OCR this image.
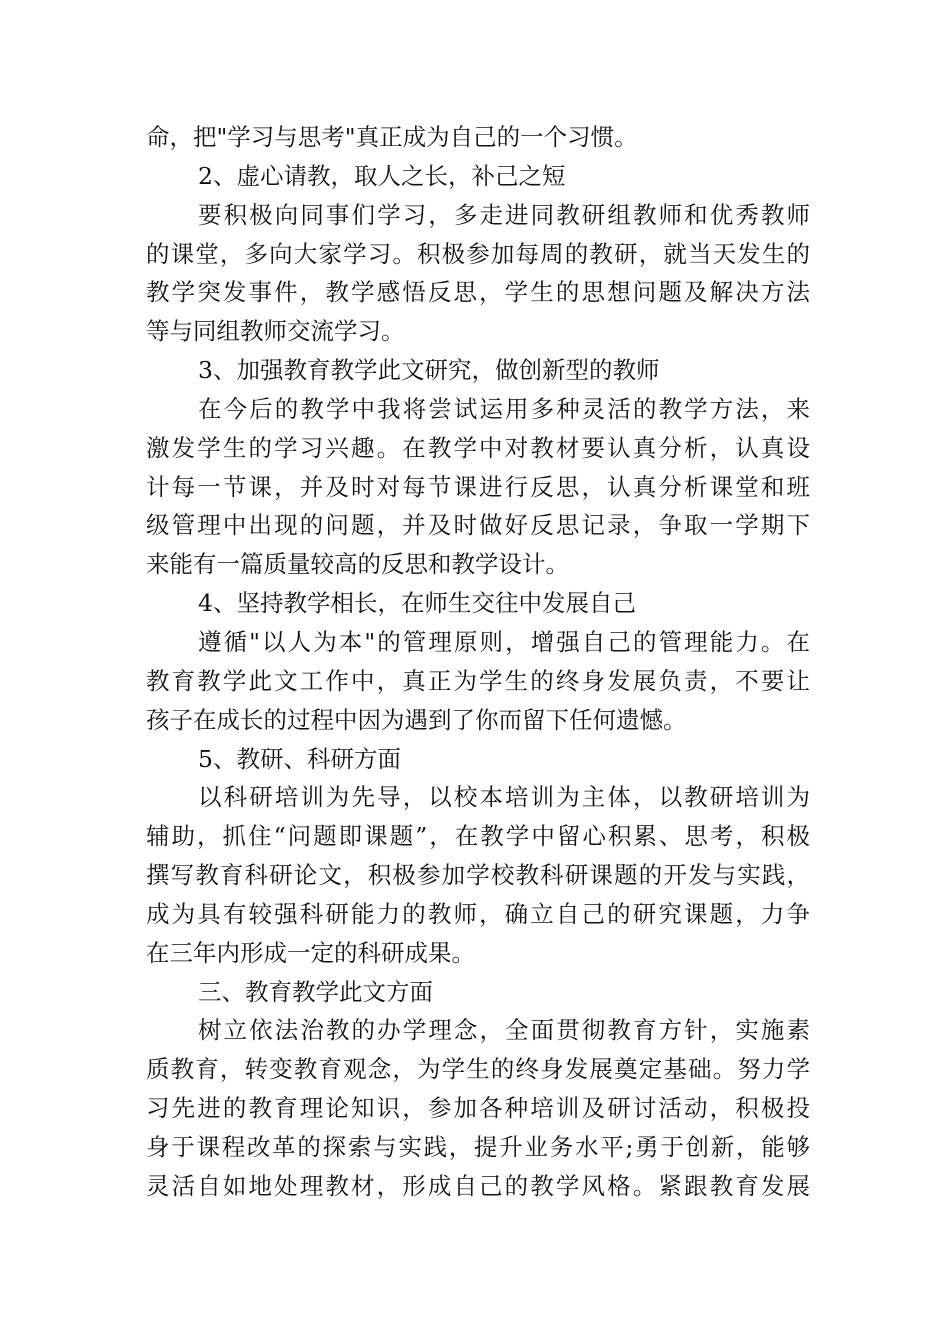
命，把"学习与思考"真正成为自己的一个习惯。
2、虚心请教，取人之长，补己之短
要积极向同事们学习，多走进同教研组教师和优秀教师
的课堂，多向大家学习。积极参加每周的教研，就当天发生的
教学突发事件，教学感悟反思，学生的思想问题及解决方法
等与同组教师交流学习。
3、加强教育教学此文研究，做创新型的教师
在今后的教学中我将尝试运用多种灵活的教学方法，来
激发学生的学习兴趣。在教学中对教材要认真分析，认真设
计每一节课，并及时对每节课进行反思，认真分析课堂和班
级管理中出现的问题，并及时做好反思记录，争取一学期下
来能有一篇质量较高的反思和教学设计。
4、坚持教学相长，在师生交往中发展自己
遵循"以人为本"的管理原则，增强自己的管理能力。在
教育教学此文工作中，真正为学生的终身发展负责，不要让
孩子在成长的过程中因为遇到了你而留下任何遗憾。
5、教研、科研方面
以科研培训为先导，以校本培训为主体，以教研培训为
辅助，抓住“问题即课题”，在教学中留心积累、思考，积极
撰写教育科研论文，积极参加学校教科研课题的开发与实践，
成为具有较强科研能力的教师，确立自己的研究课题，力争
在三年内形成一定的科研成果。
三、教育教学此文方面
树立依法治教的办学理念，全面贯彻教育方针，实施素
质教育，转变教育观念，为学生的终身发展奠定基础。努力学
习先进的教育理论知识，参加各种培训及研讨活动，积极投
身于课程改革的探索与实践，提升业务水平;勇于创新，能够
灵活自如地处理教材，形成自己的教学风格。紧跟教育发展
